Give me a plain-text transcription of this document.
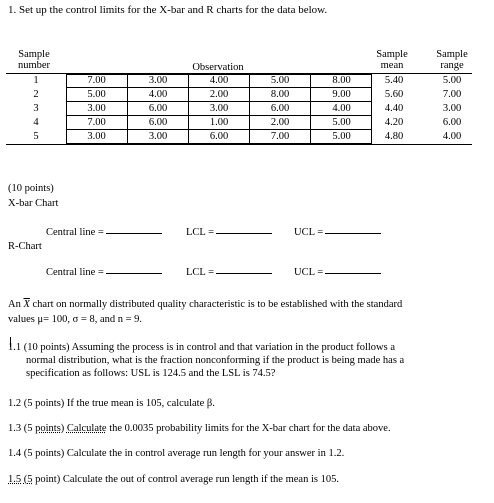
1. Set up the control limits for the X-bar and R charts for the data below.
Sample
number	Observation
Sample
mean
Sample
range
1	7.00	3.00	4.00	5.00	8.00	5.40	5.00
2	5.00	4.00	2.00	8.00	9.00	5.60	7.00
3	3.00	6.00	3.00	6.00	4.00	4.40	3.00
4	7.00	6.00	1.00	2.00	5.00	4.20	6.00
5	3.00	3.00	6.00	7.00	5.00	4.80	4.00
(10 points)
X-bar Chart
Central line =	LCL =	UCL =
R-Chart
Central line =	LCL =	UCL =
An $\overline{X}$ chart on normally distributed quality characteristic is to be established with the standard
values μ= 100, σ = 8, and n = 9.
1.1 (10 points) Assuming the process is in control and that variation in the product follows a
normal distribution, what is the fraction nonconforming if the product is being made has a
specification as follows: USL is 124.5 and the LSL is 74.5?
1.2 (5 points) If the true mean is 105, calculate β.
1.3 (5 points) Calculate the 0.0035 probability limits for the X-bar chart for the data above.
1.4 (5 points) Calculate the in control average run length for your answer in 1.2.
1.5 (5 point) Calculate the out of control average run length if the mean is 105.
